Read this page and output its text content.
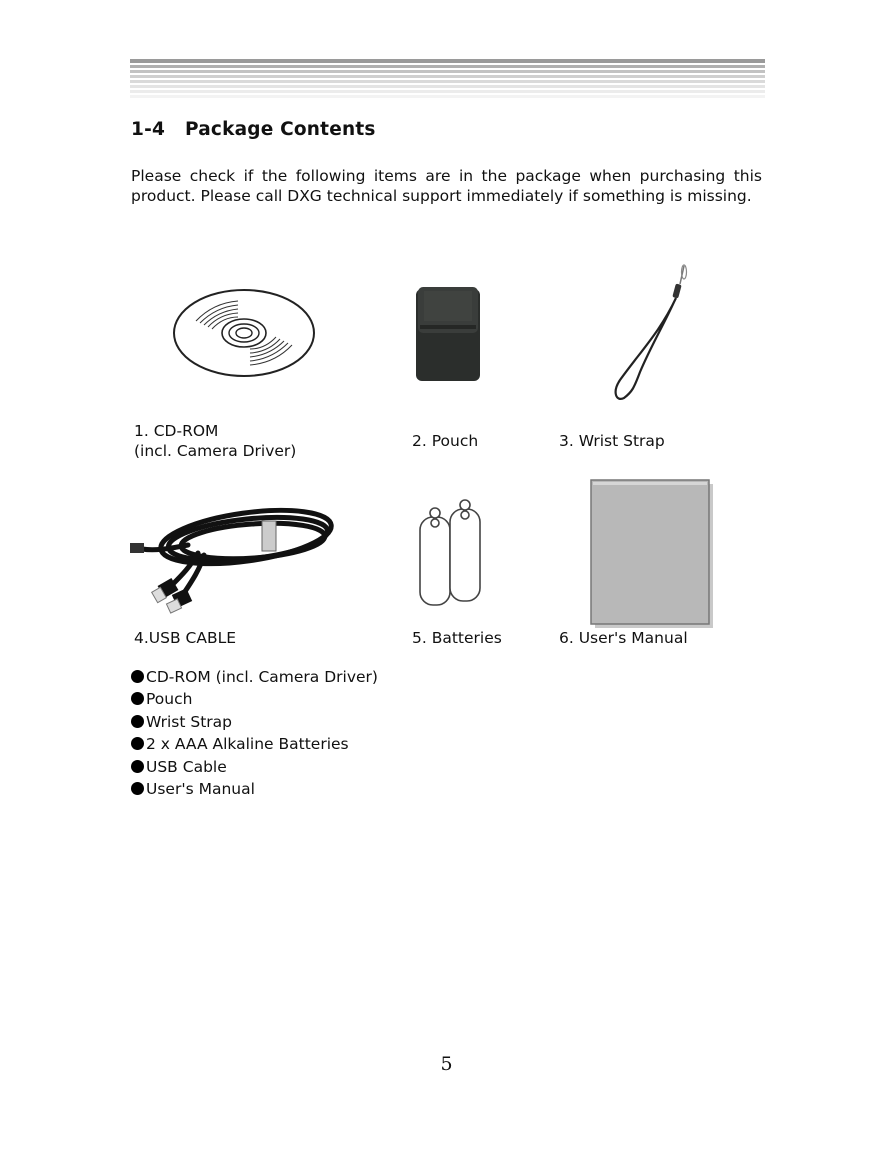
1-4 Package Contents

Please check if the following items are in the package when purchasing this product. Please call DXG technical support immediately if something is missing.

1. CD-ROM
(incl. Camera Driver)

2. Pouch	3. Wrist Strap

4.USB CABLE	5. Batteries	6. User's Manual

CD-ROM (incl. Camera Driver)
Pouch
Wrist Strap
2 x AAA Alkaline Batteries
USB Cable
User's Manual
5
